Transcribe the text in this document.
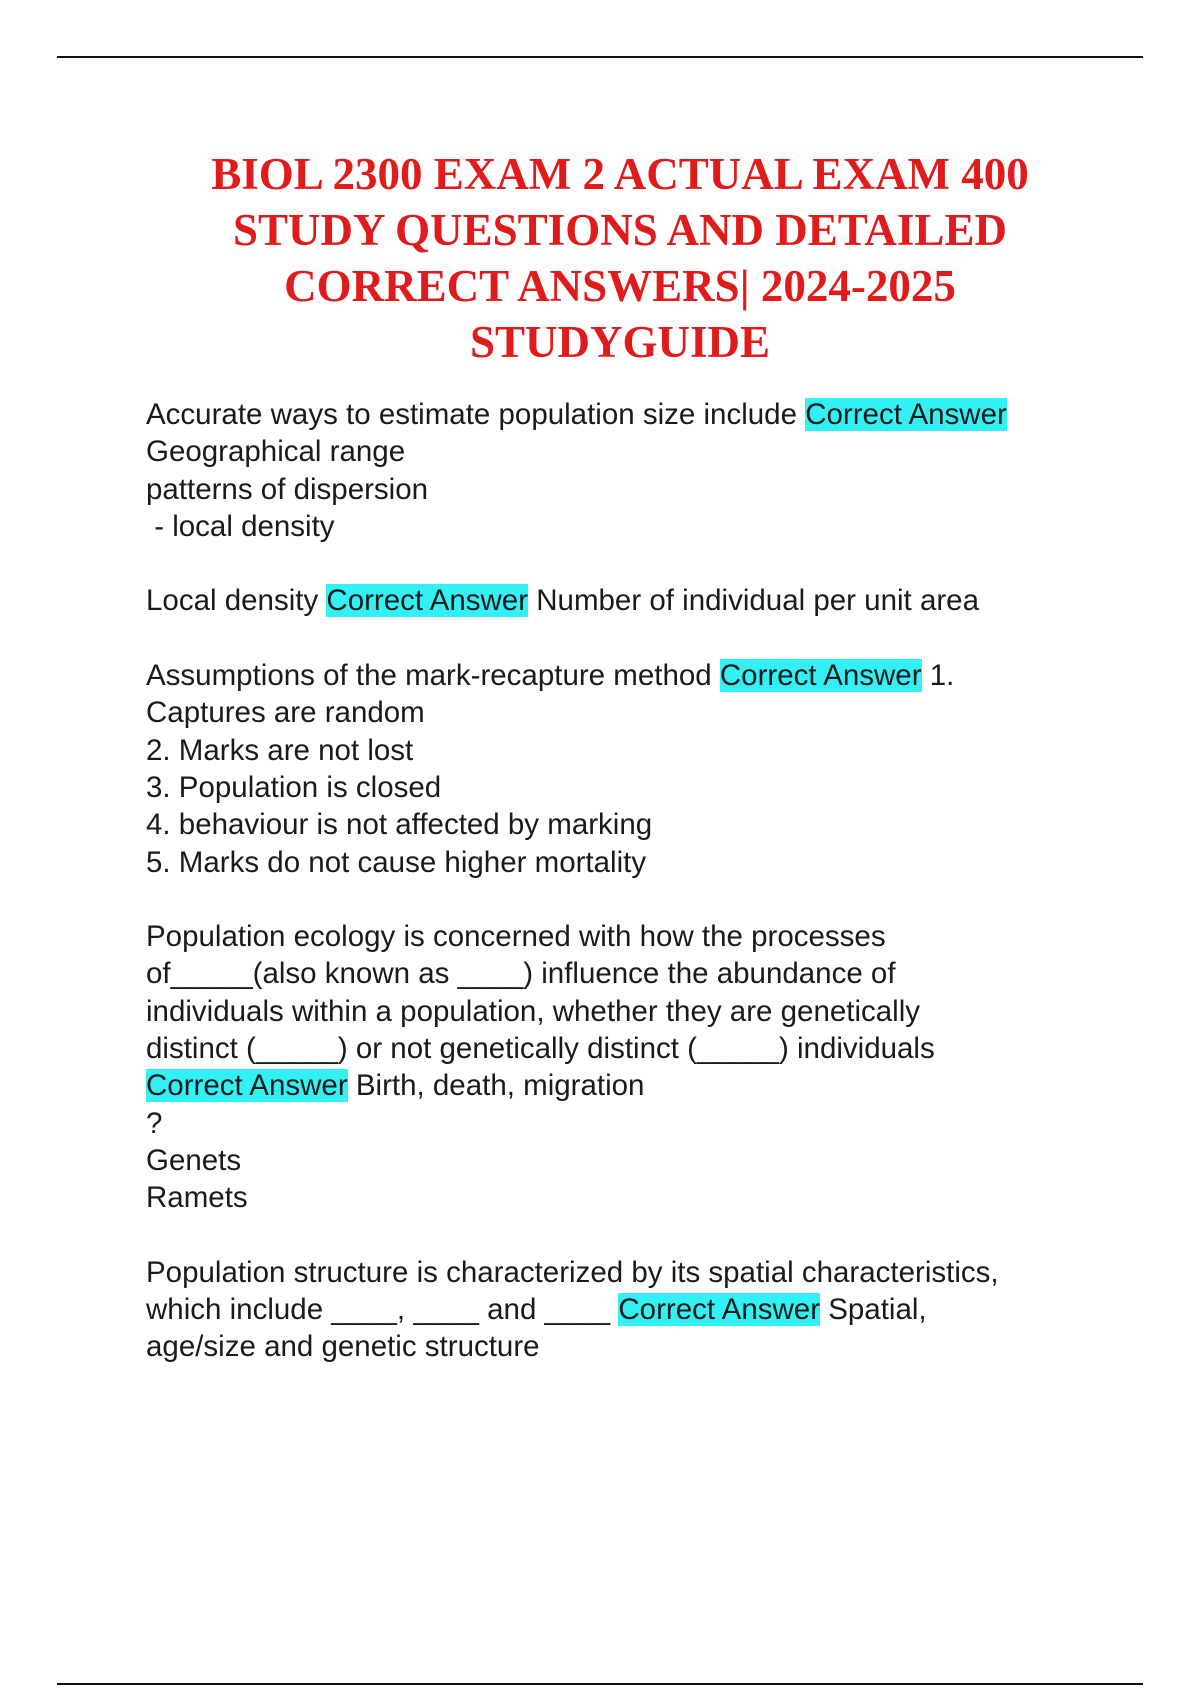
BIOL 2300 EXAM 2 ACTUAL EXAM 400
STUDY QUESTIONS AND DETAILED
CORRECT ANSWERS| 2024-2025
STUDYGUIDE
Accurate ways to estimate population size include Correct Answer
Geographical range
patterns of dispersion
- local density
Local density Correct Answer Number of individual per unit area
Assumptions of the mark-recapture method Correct Answer 1.
Captures are random
2. Marks are not lost
3. Population is closed
4. behaviour is not affected by marking
5. Marks do not cause higher mortality
Population ecology is concerned with how the processes
of_____(also known as ____) influence the abundance of
individuals within a population, whether they are genetically
distinct (_____) or not genetically distinct (_____) individuals
Correct Answer Birth, death, migration
?
Genets
Ramets
Population structure is characterized by its spatial characteristics,
which include ____, ____ and ____ Correct Answer Spatial,
age/size and genetic structure
